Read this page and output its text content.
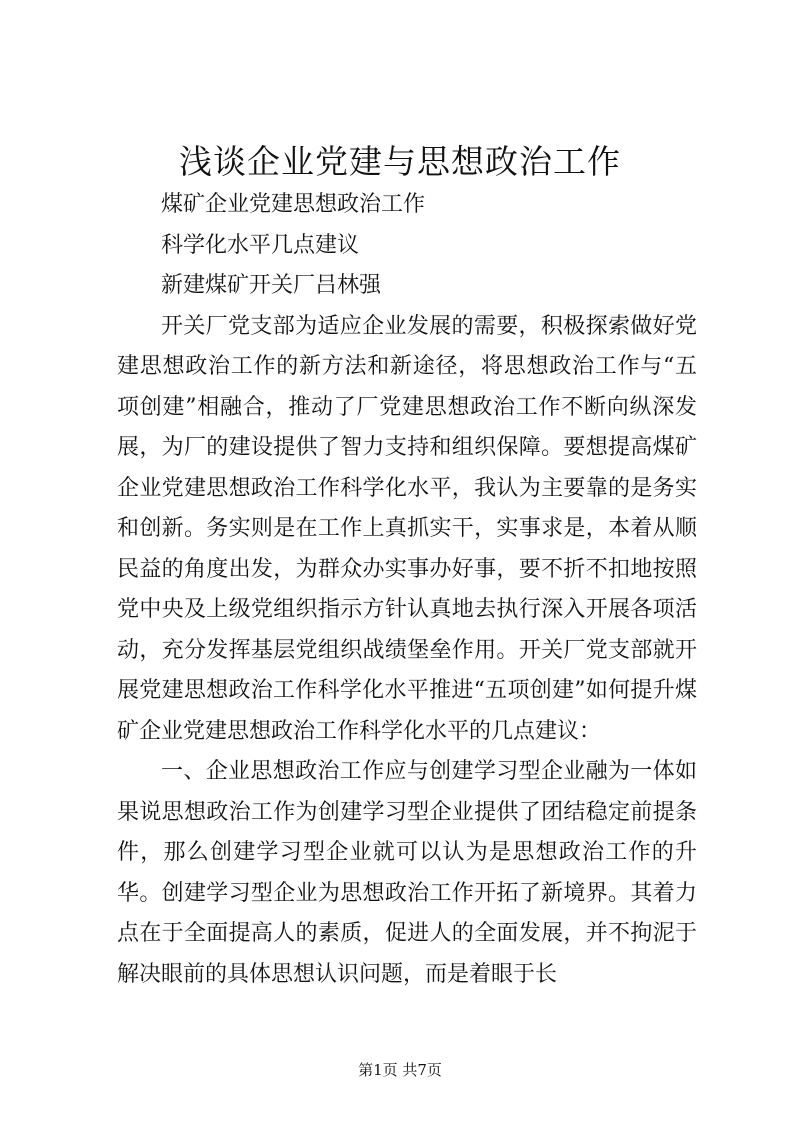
浅谈企业党建与思想政治工作

煤矿企业党建思想政治工作

科学化水平几点建议

新建煤矿开关厂吕林强

开关厂党支部为适应企业发展的需要，积极探索做好党建思想政治工作的新方法和新途径，将思想政治工作与“五项创建”相融合，推动了厂党建思想政治工作不断向纵深发展，为厂的建设提供了智力支持和组织保障。要想提高煤矿企业党建思想政治工作科学化水平，我认为主要靠的是务实和创新。务实则是在工作上真抓实干，实事求是，本着从顺民益的角度出发，为群众办实事办好事，要不折不扣地按照党中央及上级党组织指示方针认真地去执行深入开展各项活动，充分发挥基层党组织战绩堡垒作用。开关厂党支部就开展党建思想政治工作科学化水平推进“五项创建”如何提升煤矿企业党建思想政治工作科学化水平的几点建议：

一、企业思想政治工作应与创建学习型企业融为一体如果说思想政治工作为创建学习型企业提供了团结稳定前提条件，那么创建学习型企业就可以认为是思想政治工作的升华。创建学习型企业为思想政治工作开拓了新境界。其着力点在于全面提高人的素质，促进人的全面发展，并不拘泥于解决眼前的具体思想认识问题，而是着眼于长

第1页 共7页
